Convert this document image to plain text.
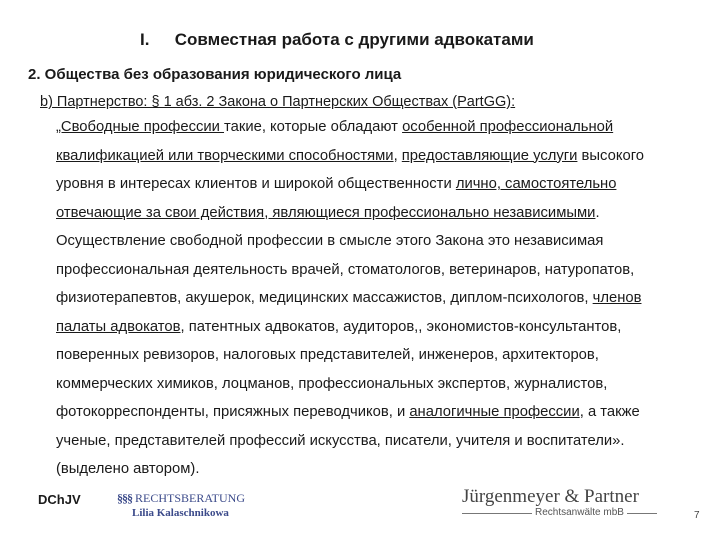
I. Совместная работа с другими адвокатами
2. Общества без образования юридического лица
b) Партнерство: § 1 абз. 2 Закона о Партнерских Обществах (PartGG):
„Свободные профессии такие, которые обладают особенной профессиональной
квалификацией или творческими способностями, предоставляющие услуги высокого
уровня в интересах клиентов и широкой общественности лично, самостоятельно
отвечающие за свои действия, являющиеся профессионально независимыми.
Осуществление свободной профессии в смысле этого Закона это независимая
профессиональная деятельность врачей, стоматологов, ветеринаров, натуропатов,
физиотерапевтов, акушерок, медицинских массажистов, диплом-психологов, членов
палаты адвокатов, патентных адвокатов, аудиторов,, экономистов-консультантов,
поверенных ревизоров, налоговых представителей, инженеров, архитекторов,
коммерческих химиков, лоцманов, профессиональных экспертов, журналистов,
фотокорреспонденты, присяжных переводчиков, и аналогичные профессии, а также
ученые, представителей профессий искусства, писатели, учителя и воспитатели».
(выделено автором).
DChJV	§§§ RECHTSBERATUNG
Lilia Kalaschnikowa
Jürgenmeyer & Partner
Rechtsanwälte mbB	7
